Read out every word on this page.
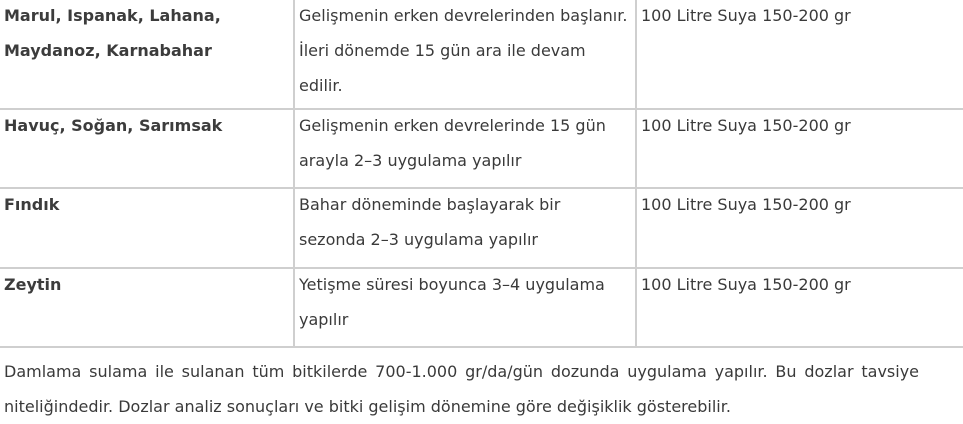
Marul, Ispanak, Lahana, Maydanoz, Karnabahar	Gelişmenin erken devrelerinden başlanır. İleri dönemde 15 gün ara ile devam edilir.	100 Litre Suya 150-200 gr

Havuç, Soğan, Sarımsak	Gelişmenin erken devrelerinde 15 gün arayla 2–3 uygulama yapılır	100 Litre Suya 150-200 gr

Fındık	Bahar döneminde başlayarak bir sezonda 2–3 uygulama yapılır	100 Litre Suya 150-200 gr

Zeytin	Yetişme süresi boyunca 3–4 uygulama yapılır	100 Litre Suya 150-200 gr

Damlama sulama ile sulanan tüm bitkilerde 700-1.000 gr/da/gün dozunda uygulama yapılır. Bu dozlar tavsiye niteliğindedir. Dozlar analiz sonuçları ve bitki gelişim dönemine göre değişiklik gösterebilir.
